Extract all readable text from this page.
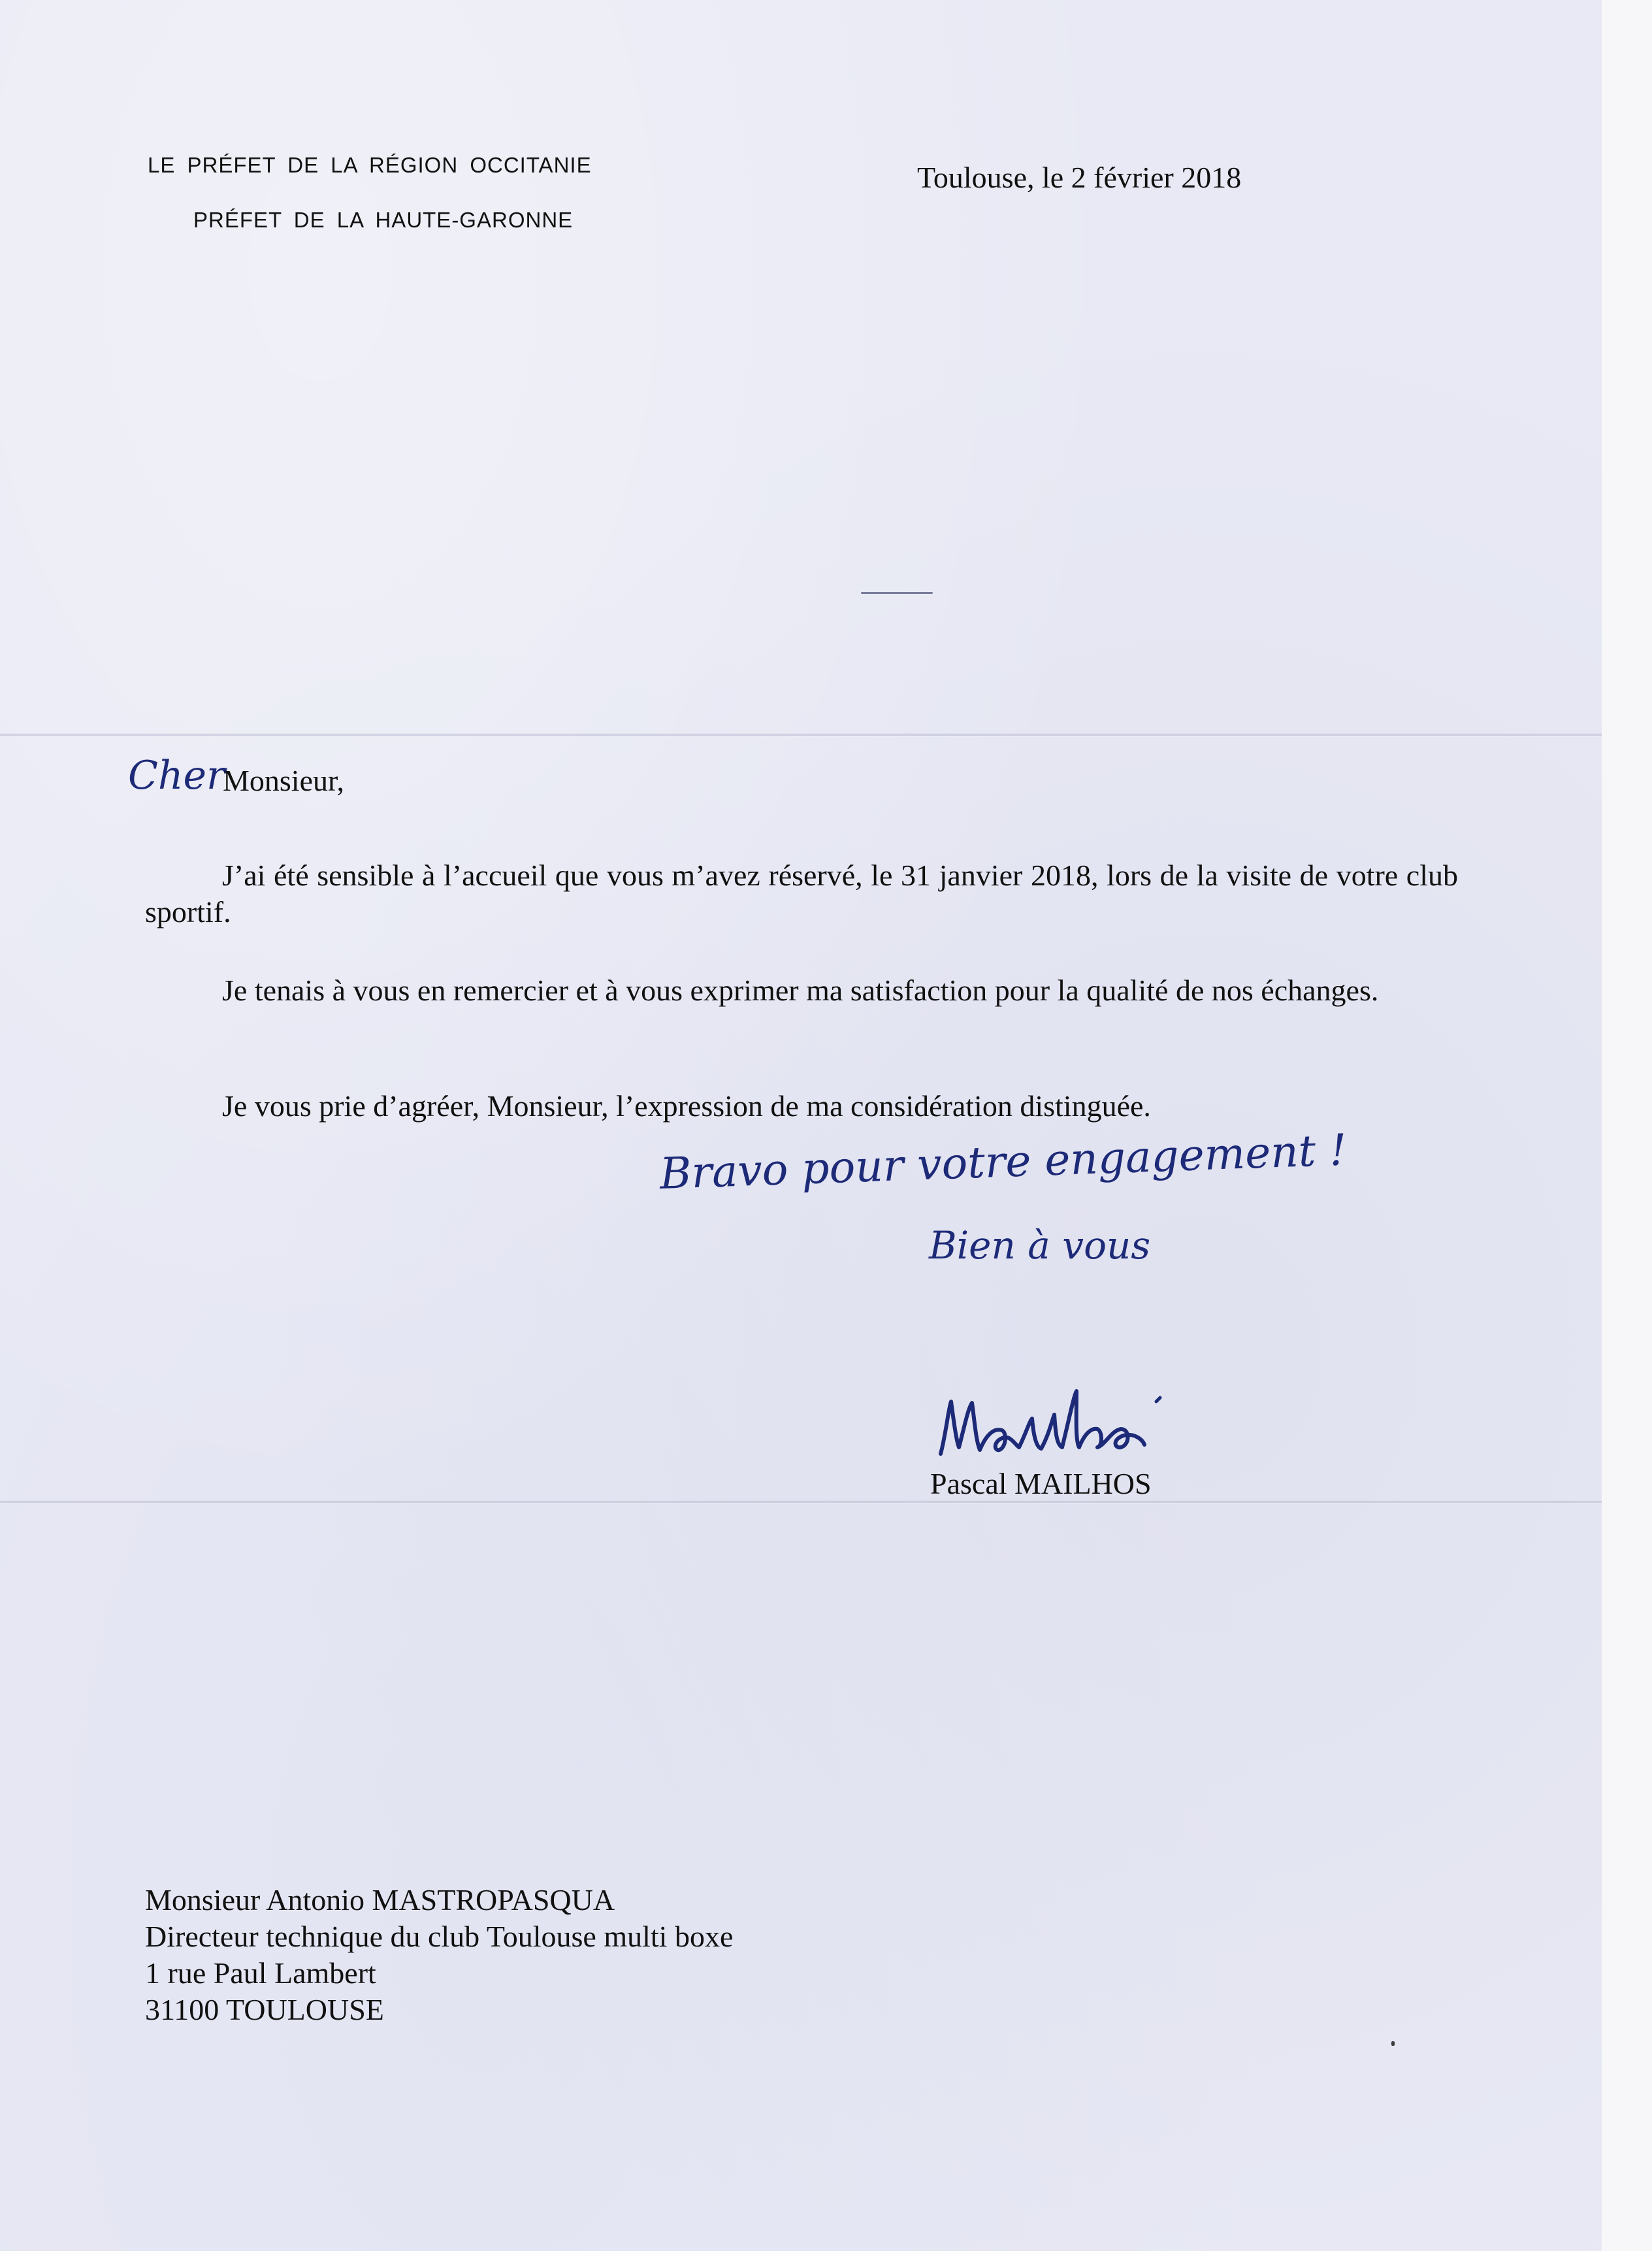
LE PRÉFET DE LA RÉGION OCCITANIE
PRÉFET DE LA HAUTE-GARONNE
Toulouse, le 2 février 2018
Cher
Monsieur,

J’ai été sensible à l’accueil que vous m’avez réservé, le 31 janvier 2018, lors de la visite de votre club sportif.

Je tenais à vous en remercier et à vous exprimer ma satisfaction pour la qualité de nos échanges.

Je vous prie d’agréer, Monsieur, l’expression de ma considération distinguée.

Bravo pour votre engagement !
Bien à vous
Pascal MAILHOS
Monsieur Antonio MASTROPASQUA
Directeur technique du club Toulouse multi boxe
1 rue Paul Lambert
31100 TOULOUSE
